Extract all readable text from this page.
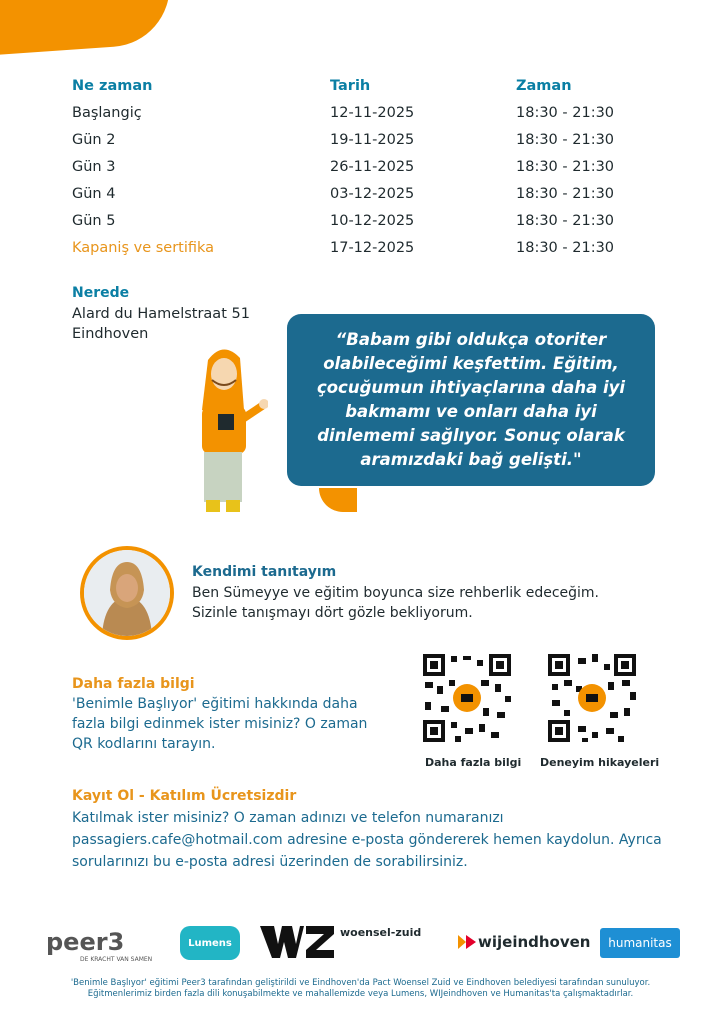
Ne zaman	Tarih	Zaman
Başlangiç	12-11-2025	18:30 - 21:30
Gün 2	19-11-2025	18:30 - 21:30
Gün 3	26-11-2025	18:30 - 21:30
Gün 4	03-12-2025	18:30 - 21:30
Gün 5	10-12-2025	18:30 - 21:30
Kapaniş ve sertifika	17-12-2025	18:30 - 21:30
Nerede
Alard du Hamelstraat 51
Eindhoven	“Babam gibi oldukça otoriter olabileceğimi keşfettim. Eğitim, çocuğumun ihtiyaçlarına daha iyi bakmamı ve onları daha iyi dinlememi sağlıyor. Sonuç olarak aramızdaki bağ gelişti."
Kendimi tanıtayım
Ben Sümeyye ve eğitim boyunca size rehberlik edeceğim. Sizinle tanışmayı dört gözle bekliyorum.
Daha fazla bilgi
'Benimle Başlıyor' eğitimi hakkında daha fazla bilgi edinmek ister misiniz? O zaman QR kodlarını tarayın.
Daha fazla bilgi Deneyim hikayeleri
Kayıt Ol - Katılım Ücretsizdir
Katılmak ister misiniz? O zaman adınızı ve telefon numaranızı passagiers.cafe@hotmail.com adresine e-posta göndererek hemen kaydolun. Ayrıca sorularınızı bu e-posta adresi üzerinden de sorabilirsiniz.
peer3
DE KRACHT VAN SAMEN
Lumens
woensel-zuid
wijeindhoven humanitas
'Benimle Başlıyor' eğitimi Peer3 tarafından geliştirildi ve Eindhoven'da Pact Woensel Zuid ve Eindhoven belediyesi tarafından sunuluyor.
Eğitmenlerimiz birden fazla dili konuşabilmekte ve mahallemizde veya Lumens, WIJeindhoven ve Humanitas'ta çalışmaktadırlar.
